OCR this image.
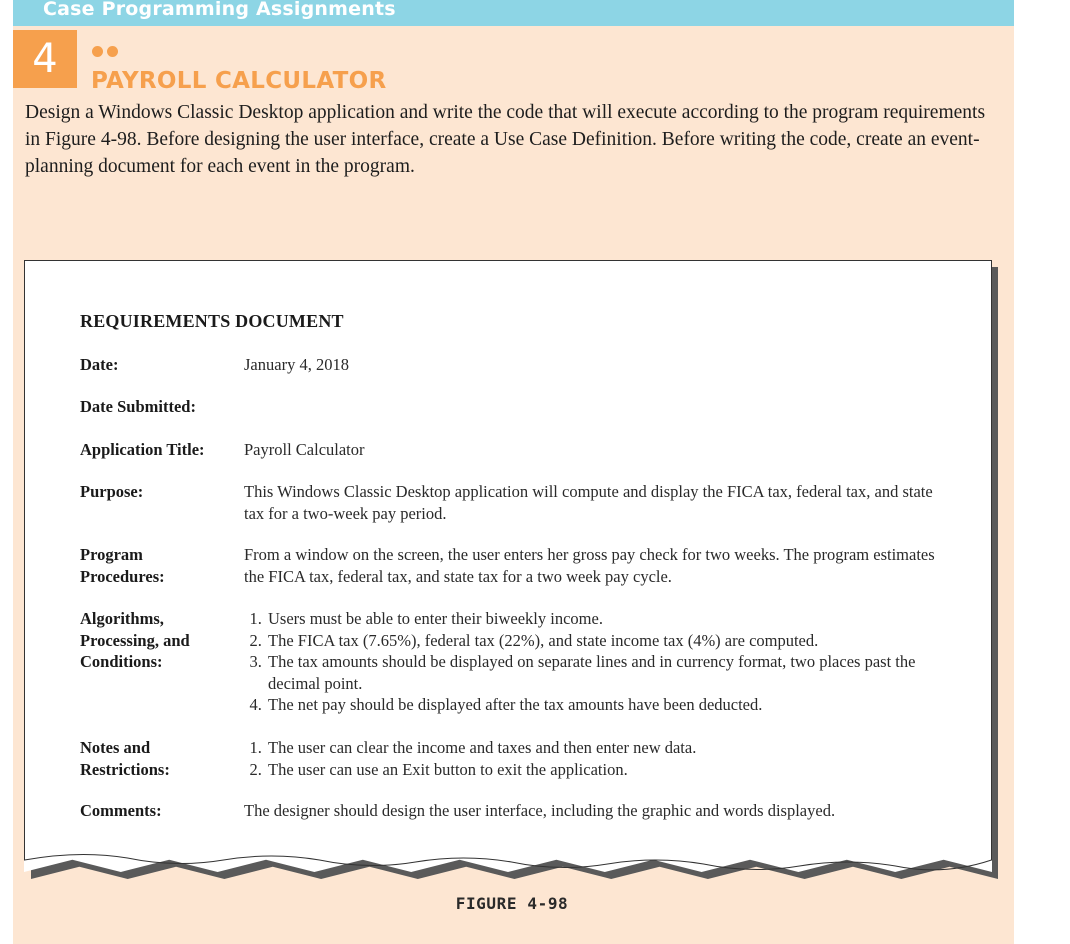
Case Programming Assignments
4	PAYROLL CALCULATOR
Design a Windows Classic Desktop application and write the code that will execute according to the program requirements in Figure 4-98. Before designing the user interface, create a Use Case Definition. Before writing the code, create an event-planning document for each event in the program.
REQUIREMENTS DOCUMENT
Date:	January 4, 2018
Date Submitted:
Application Title:	Payroll Calculator
Purpose:	This Windows Classic Desktop application will compute and display the FICA tax, federal tax, and state tax for a two-week pay period.
Program Procedures:
From a window on the screen, the user enters her gross pay check for two weeks. The program estimates the FICA tax, federal tax, and state tax for a two week pay cycle.
Algorithms, Processing, and Conditions:
1. Users must be able to enter their biweekly income.
2. The FICA tax (7.65%), federal tax (22%), and state income tax (4%) are computed.
3. The tax amounts should be displayed on separate lines and in currency format, two places past the decimal point.
4. The net pay should be displayed after the tax amounts have been deducted.
Notes and Restrictions:
1. The user can clear the income and taxes and then enter new data.
2. The user can use an Exit button to exit the application.
Comments:	The designer should design the user interface, including the graphic and words displayed.
FIGURE 4-98
